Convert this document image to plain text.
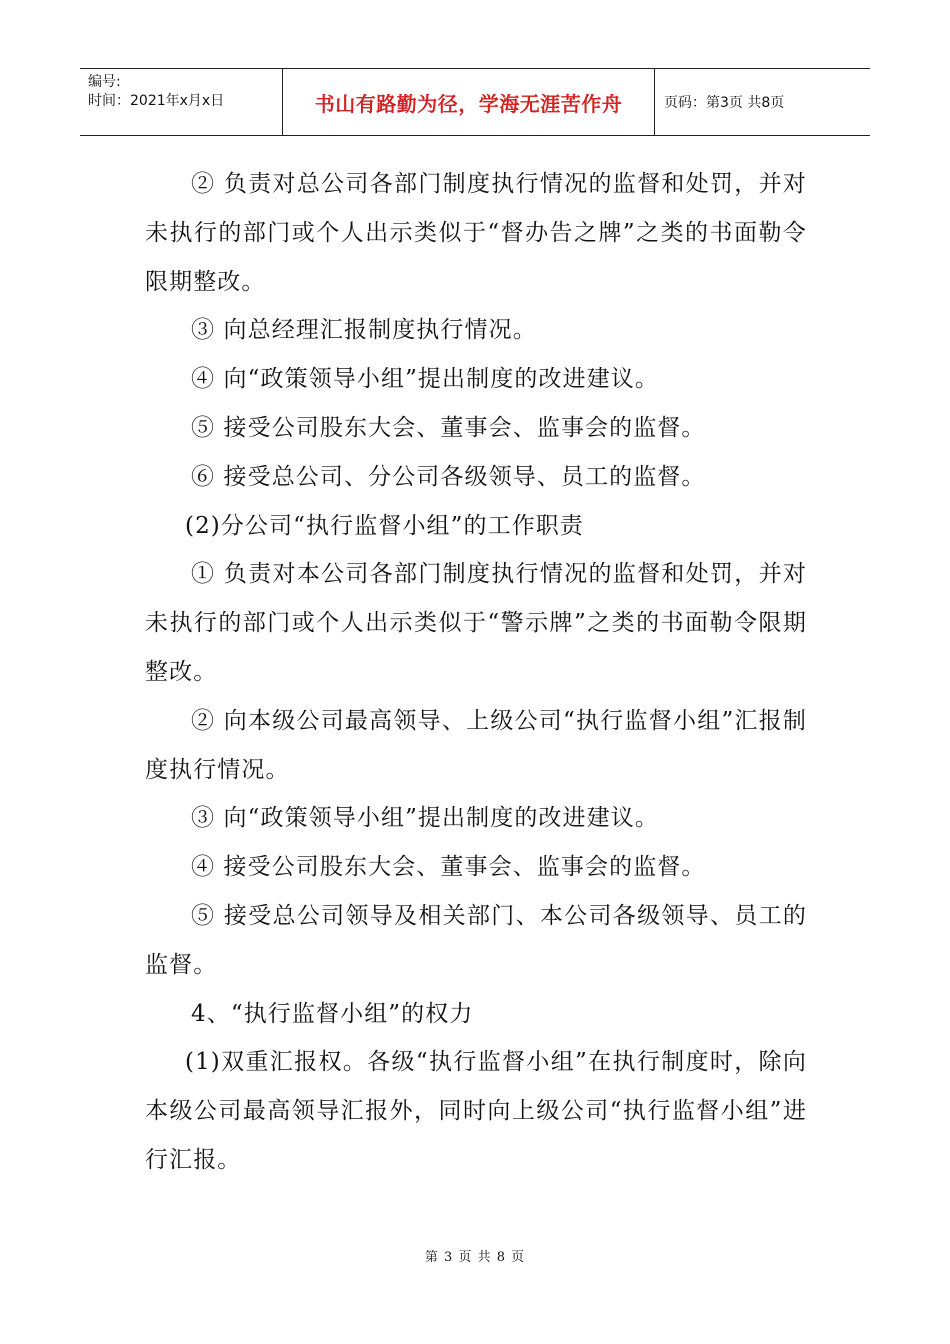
编号:
时间：2021年x月x日	书山有路勤为径，学海无涯苦作舟	页码：第3页 共8页

② 负责对总公司各部门制度执行情况的监督和处罚，并对未执行的部门或个人出示类似于“督办告之牌”之类的书面勒令限期整改。

③ 向总经理汇报制度执行情况。

④ 向“政策领导小组”提出制度的改进建议。

⑤ 接受公司股东大会、董事会、监事会的监督。

⑥ 接受总公司、分公司各级领导、员工的监督。

(2)分公司“执行监督小组”的工作职责

① 负责对本公司各部门制度执行情况的监督和处罚，并对未执行的部门或个人出示类似于“警示牌”之类的书面勒令限期整改。

② 向本级公司最高领导、上级公司“执行监督小组”汇报制度执行情况。

③ 向“政策领导小组”提出制度的改进建议。

④ 接受公司股东大会、董事会、监事会的监督。

⑤ 接受总公司领导及相关部门、本公司各级领导、员工的监督。

4、“执行监督小组”的权力

(1)双重汇报权。各级“执行监督小组”在执行制度时，除向本级公司最高领导汇报外，同时向上级公司“执行监督小组”进行汇报。

第 3 页 共 8 页
